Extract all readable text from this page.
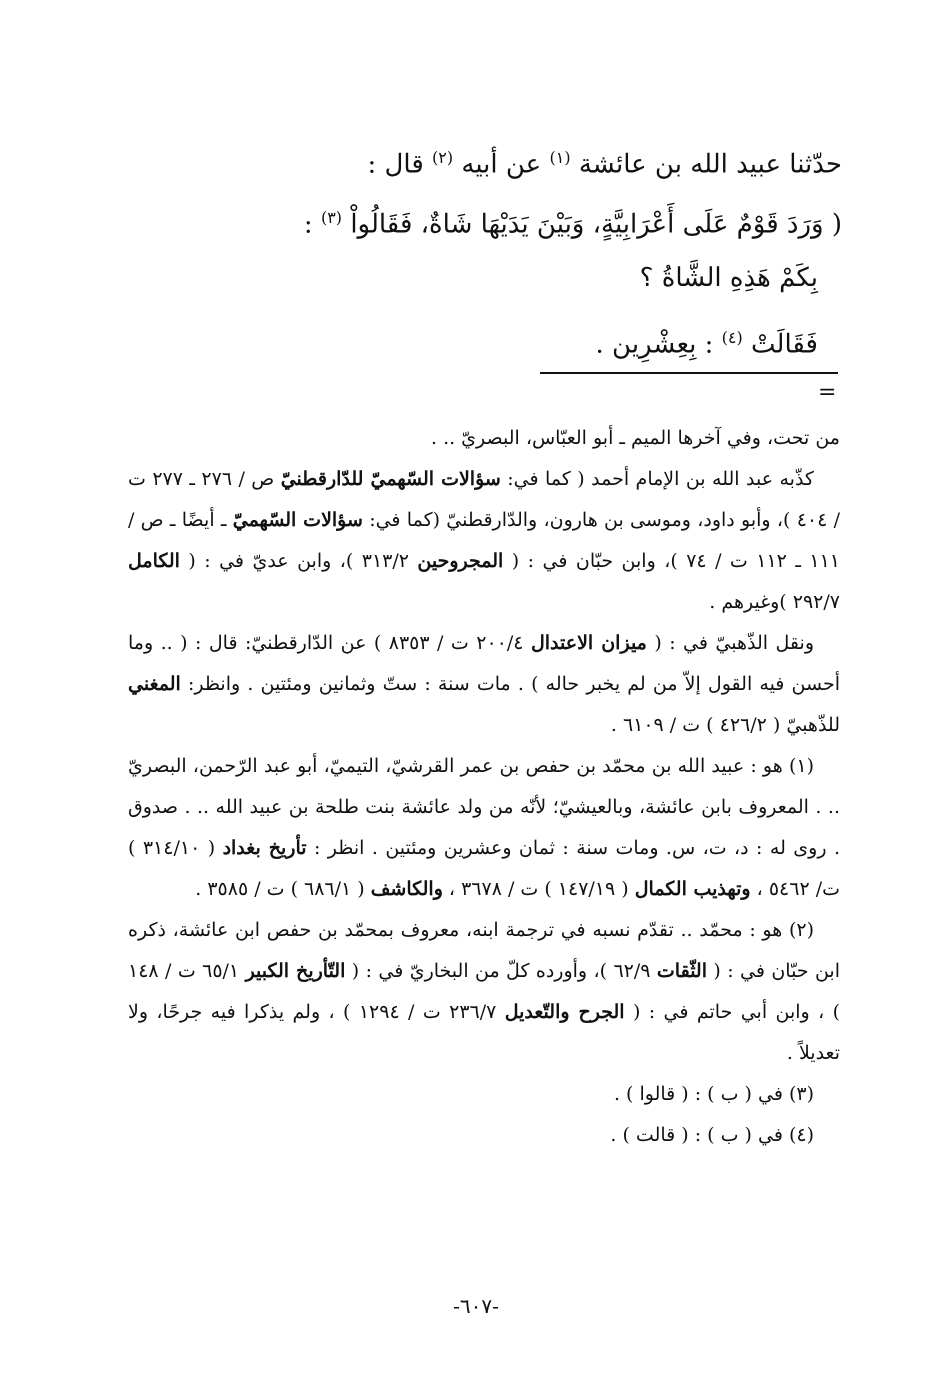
حدّثنا عبيد الله بن عائشة $^{(١)}$ عن أبيه $^{(٢)}$ قال :
( وَرَدَ قَوْمٌ عَلَى أَعْرَابِيَّةٍ، وَبَيْنَ يَدَيْهَا شَاةٌ، فَقَالُواْ $^{(٣)}$ :
بِكَمْ هَذِهِ الشَّاةُ ؟
فَقَالَتْ $^{(٤)}$ : بِعِشْرِين .
=

من تحت، وفي آخرها الميم ـ أبو العبّاس، البصريّ .. .

كذّبه عبد الله بن الإمام أحمد ( كما في: سؤالات السّهميّ للدّارقطنيّ ص / ٢٧٦ ـ ٢٧٧ ت / ٤٠٤ )، وأبو داود، وموسى بن هارون، والدّارقطنيّ (كما في: سؤالات السّهميّ ـ أيضًا ـ ص / ١١١ ـ ١١٢ ت / ٧٤ )، وابن حبّان في : ( المجروحين ٣١٣/٢ )، وابن عديّ في : ( الكامل ٢٩٢/٧ )وغيرهم .

ونقل الذّهبيّ في : ( ميزان الاعتدال ٢٠٠/٤ ت / ٨٣٥٣ ) عن الدّارقطنيّ: قال : ( .. وما أحسن فيه القول إلاّ من لم يخبر حاله ) . مات سنة : ستّ وثمانين ومئتين . وانظر: المغني للذّهبيّ ( ٤٢٦/٢ ) ت / ٦١٠٩ .

(١) هو : عبيد الله بن محمّد بن حفص بن عمر القرشيّ، التيميّ، أبو عبد الرّحمن، البصريّ .. . المعروف بابن عائشة، وبالعيشيّ؛ لأنّه من ولد عائشة بنت طلحة بن عبيد الله .. . صدوق . روى له : د، ت، س. ومات سنة : ثمان وعشرين ومئتين . انظر : تأريخ بغداد ( ٣١٤/١٠ ) ت/ ٥٤٦٢ ، وتهذيب الكمال ( ١٤٧/١٩ ) ت / ٣٦٧٨ ، والكاشف ( ٦٨٦/١ ) ت / ٣٥٨٥ .

(٢) هو : محمّد .. تقدّم نسبه في ترجمة ابنه، معروف بمحمّد بن حفص ابن عائشة، ذكره ابن حبّان في : ( الثّقات ٦٢/٩ )، وأورده كلّ من البخاريّ في : ( التّأريخ الكبير ٦٥/١ ت / ١٤٨ ) ، وابن أبي حاتم في : ( الجرح والتّعديل ٢٣٦/٧ ت / ١٢٩٤ ) ، ولم يذكرا فيه جرحًا، ولا تعديلاً .

(٣) في ( ب ) : ( قالوا ) .

(٤) في ( ب ) : ( قالت ) .

-٦٠٧-
